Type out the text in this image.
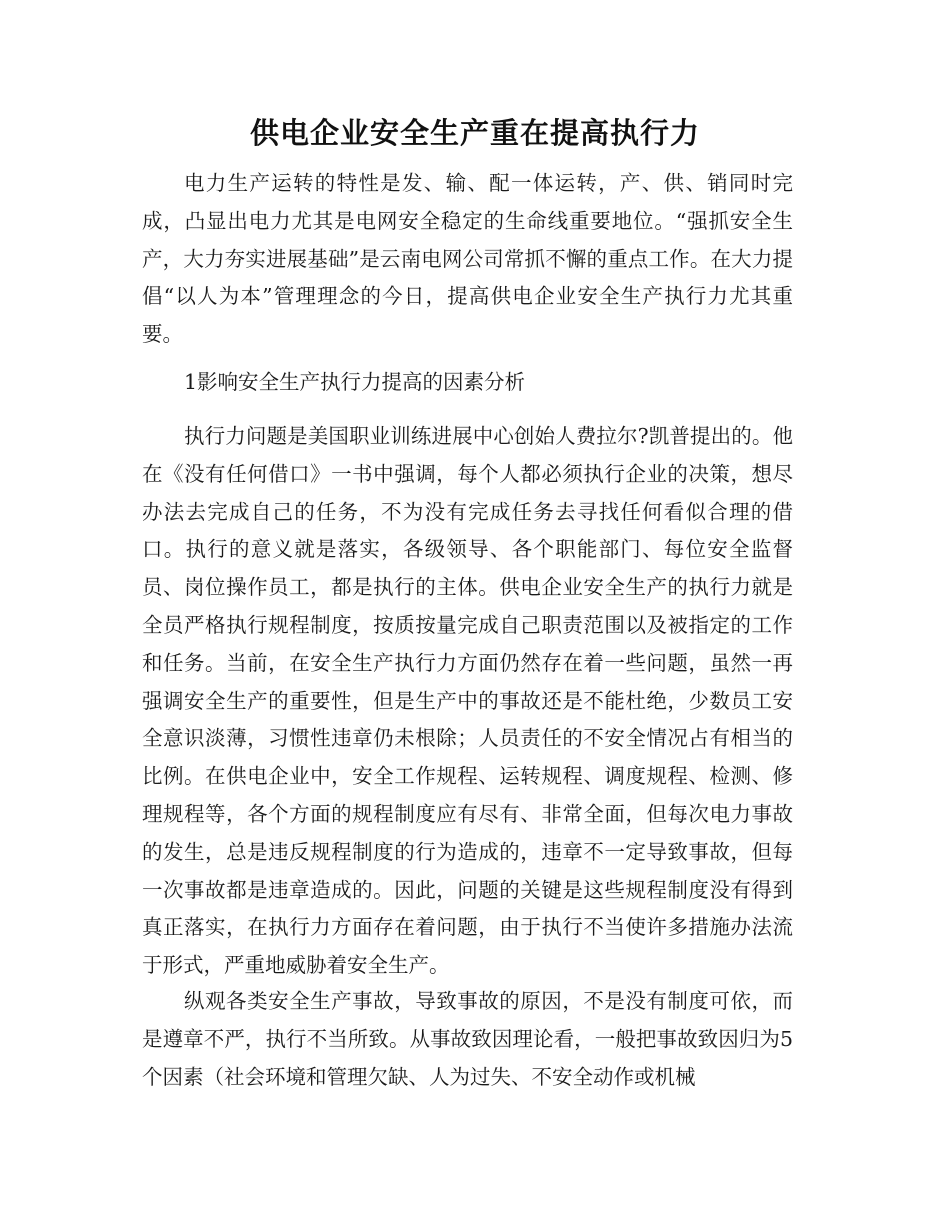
供电企业安全生产重在提高执行力

电力生产运转的特性是发、输、配一体运转，产、供、销同时完成，凸显出电力尤其是电网安全稳定的生命线重要地位。“强抓安全生产，大力夯实进展基础”是云南电网公司常抓不懈的重点工作。在大力提倡“以人为本”管理理念的今日，提高供电企业安全生产执行力尤其重要。

1影响安全生产执行力提高的因素分析

执行力问题是美国职业训练进展中心创始人费拉尔?凯普提出的。他在《没有任何借口》一书中强调，每个人都必须执行企业的决策，想尽办法去完成自己的任务，不为没有完成任务去寻找任何看似合理的借口。执行的意义就是落实，各级领导、各个职能部门、每位安全监督员、岗位操作员工，都是执行的主体。供电企业安全生产的执行力就是全员严格执行规程制度，按质按量完成自己职责范围以及被指定的工作和任务。当前，在安全生产执行力方面仍然存在着一些问题，虽然一再强调安全生产的重要性，但是生产中的事故还是不能杜绝，少数员工安全意识淡薄，习惯性违章仍未根除；人员责任的不安全情况占有相当的比例。在供电企业中，安全工作规程、运转规程、调度规程、检测、修理规程等，各个方面的规程制度应有尽有、非常全面，但每次电力事故的发生，总是违反规程制度的行为造成的，违章不一定导致事故，但每一次事故都是违章造成的。因此，问题的关键是这些规程制度没有得到真正落实，在执行力方面存在着问题，由于执行不当使许多措施办法流于形式，严重地威胁着安全生产。

纵观各类安全生产事故，导致事故的原因，不是没有制度可依，而是遵章不严，执行不当所致。从事故致因理论看，一般把事故致因归为5个因素（社会环境和管理欠缺、人为过失、不安全动作或机械
